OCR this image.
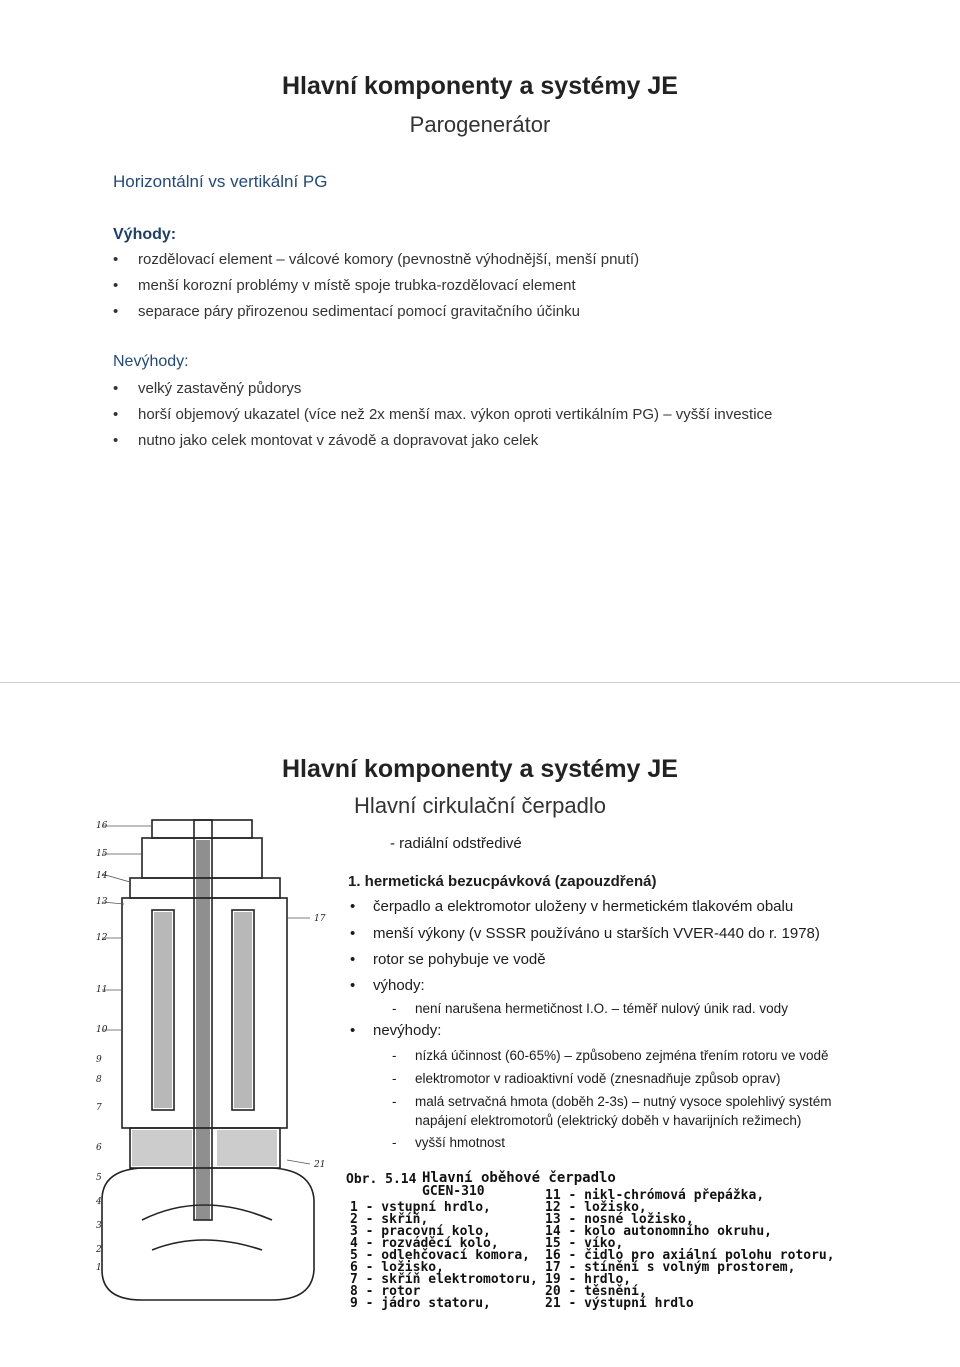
Hlavní komponenty a systémy JE
Parogenerátor
Horizontální vs vertikální PG
Výhody:
• rozdělovací element – válcové komory (pevnostně výhodnější, menší pnutí)
• menší korozní problémy v místě spoje trubka-rozdělovací element
• separace páry přirozenou sedimentací pomocí gravitačního účinku
Nevýhody:
• velký zastavěný půdorys
• horší objemový ukazatel (více než 2x menší max. výkon oproti vertikálním PG) – vyšší investice
• nutno jako celek montovat v závodě a dopravovat jako celek
Hlavní komponenty a systémy JE
Hlavní cirkulační čerpadlo
- radiální odstředivé
1. hermetická bezucpávková (zapouzdřená)
• čerpadlo a elektromotor uloženy v hermetickém tlakovém obalu
• menší výkony (v SSSR používáno u starších VVER-440 do r. 1978)
• rotor se pohybuje ve vodě
• výhody:
- není narušena hermetičnost I.O. – téměř nulový únik rad. vody
• nevýhody:
- nízká účinnost (60-65%) – způsobeno zejména třením rotoru ve vodě
- elektromotor v radioaktivní vodě (znesnadňuje způsob oprav)
- malá setrvačná hmota (doběh 2-3s) – nutný vysoce spolehlivý systém
napájení elektromotorů (elektrický doběh v havarijních režimech)
- vyšší hmotnost
16
15
14
13
12
11
10
9
8
7
6
5
4
3
2
1
17
21
Obr. 5.14 Hlavní oběhové čerpadlo
GCEN-310
1 - vstupní hrdlo,
2 - skříň,
3 - pracovní kolo,
4 - rozváděcí kolo,
5 - odlehčovací komora,
6 - ložisko,
7 - skříň elektromotoru,
8 - rotor
9 - jádro statoru,
11 - nikl-chrómová přepážka,
12 - ložisko,
13 - nosné ložisko,
14 - kolo autonomního okruhu,
15 - víko,
16 - čidlo pro axiální polohu rotoru,
17 - stínění s volným prostorem,
19 - hrdlo,
20 - těsnění,
21 - výstupní hrdlo
